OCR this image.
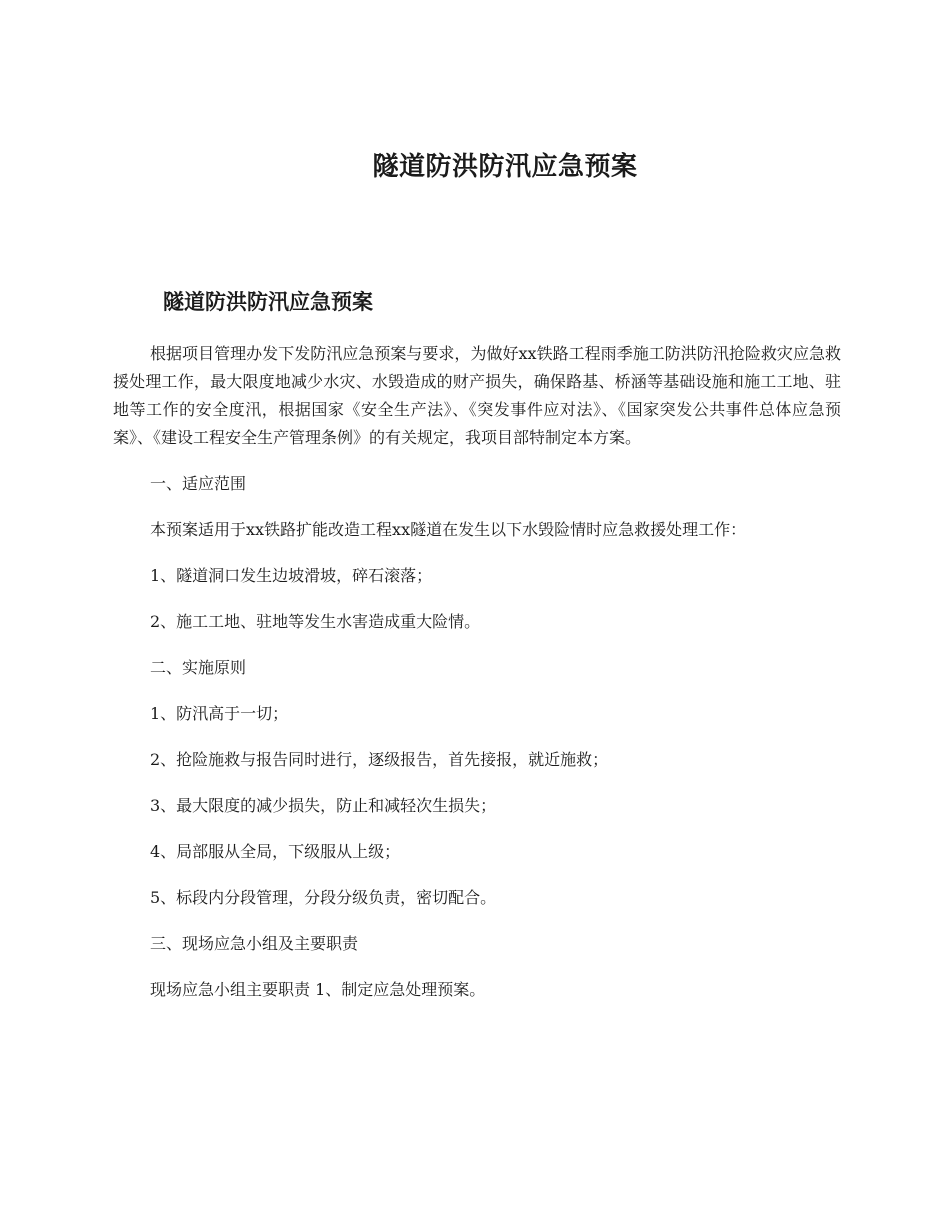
隧道防洪防汛应急预案
隧道防洪防汛应急预案

根据项目管理办发下发防汛应急预案与要求，为做好xx铁路工程雨季施工防洪防汛抢险救灾应急救援处理工作，最大限度地减少水灾、水毁造成的财产损失，确保路基、桥涵等基础设施和施工工地、驻地等工作的安全度汛，根据国家《安全生产法》、《突发事件应对法》、《国家突发公共事件总体应急预案》、《建设工程安全生产管理条例》的有关规定，我项目部特制定本方案。

一、适应范围

本预案适用于xx铁路扩能改造工程xx隧道在发生以下水毁险情时应急救援处理工作：

1、隧道洞口发生边坡滑坡，碎石滚落；

2、施工工地、驻地等发生水害造成重大险情。

二、实施原则

1、防汛高于一切；

2、抢险施救与报告同时进行，逐级报告，首先接报，就近施救；

3、最大限度的减少损失，防止和减轻次生损失；

4、局部服从全局，下级服从上级；

5、标段内分段管理，分段分级负责，密切配合。

三、现场应急小组及主要职责

现场应急小组主要职责 1、制定应急处理预案。
